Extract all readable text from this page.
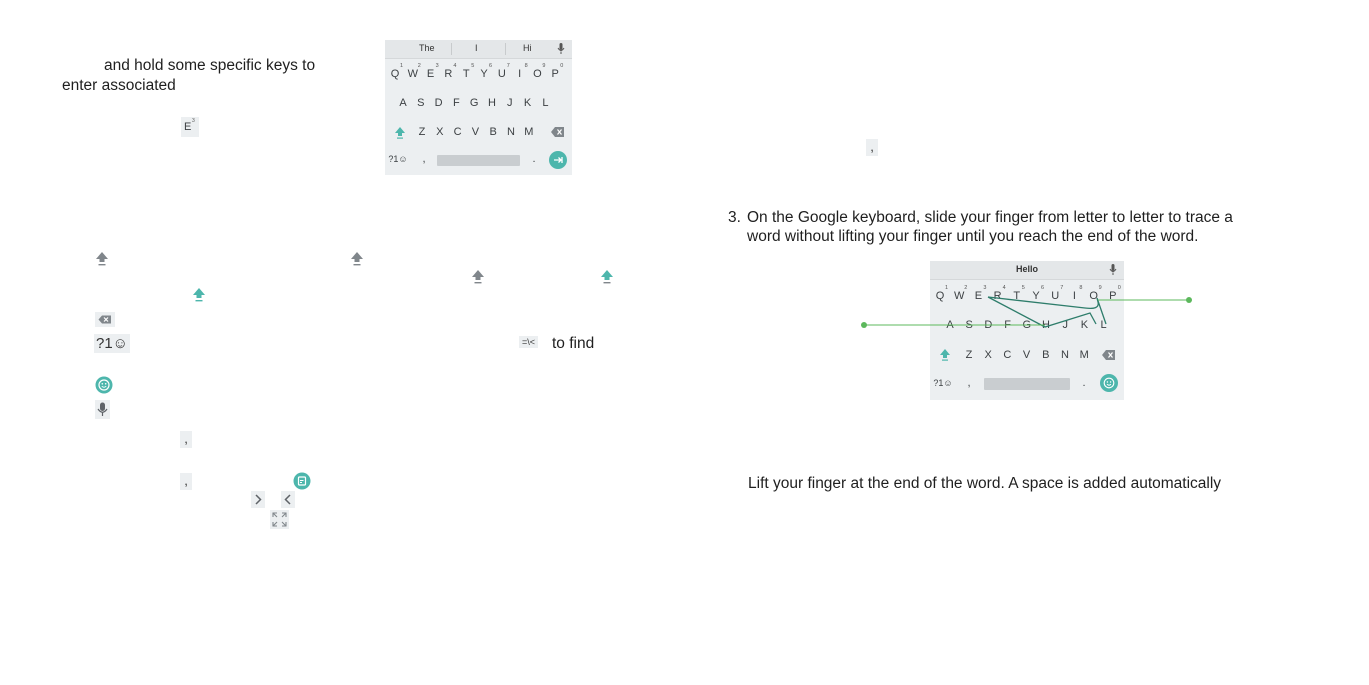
and hold some specific keys to
enter associated
E 3
The	I	Hi
Q
1
W
2
E
3
R
4
T
5
Y
6
U
7
I
8
O
9
P
0
A S D F G H	J	K	L
Z X C V B N M
?1☺	,	.
?1☺	=\< to find
,
,
,
3. On the Google keyboard, slide your finger from letter to letter to trace a
word without lifting your finger until you reach the end of the word.
Hello
Q
1
W
2
E
3
R
4
T
5
Y
6
U
7
I
8
O
9
P
0
A	S	D	F	G H	J	K	L
Z	X	C	V	B	N M
?1☺	,	.
Lift your finger at the end of the word. A space is added automatically
